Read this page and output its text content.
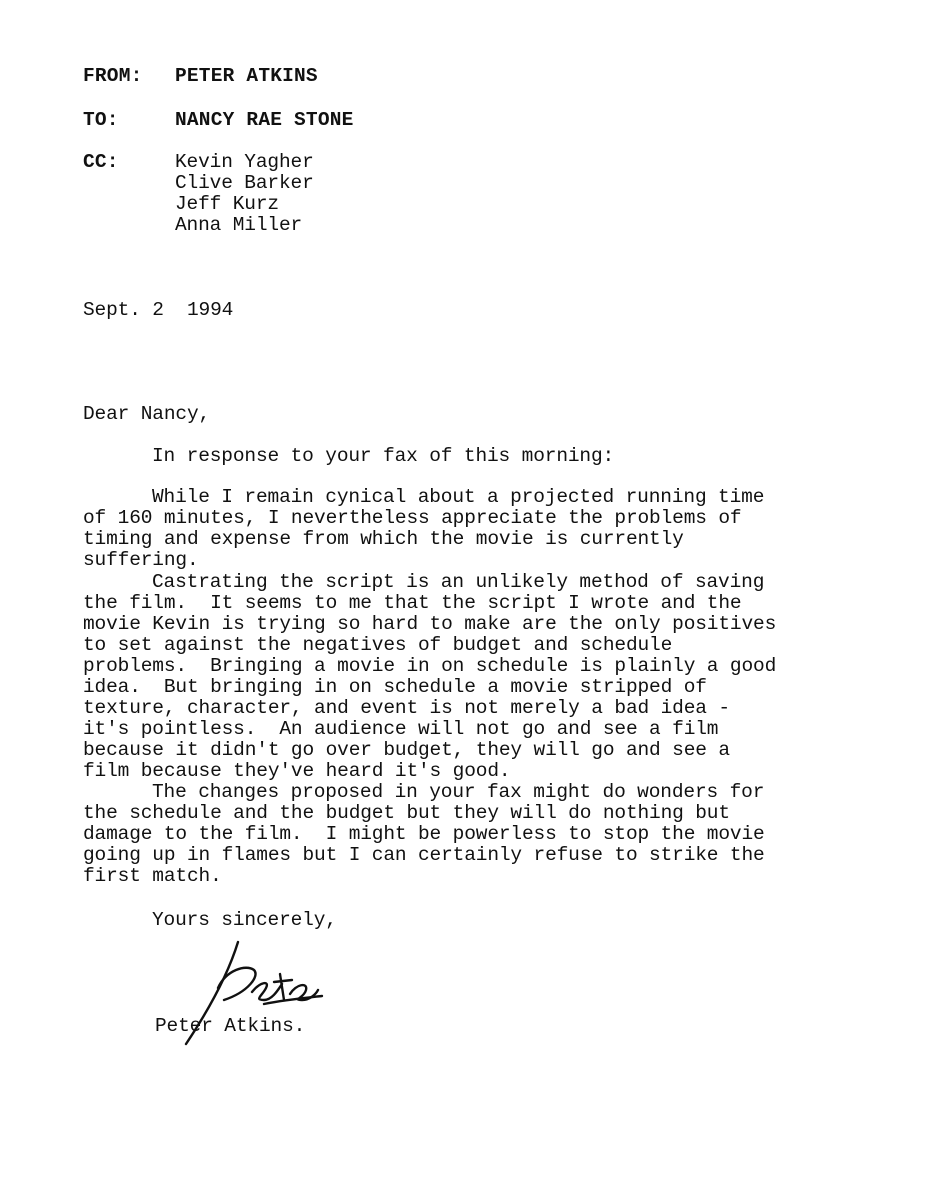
FROM: PETER ATKINS
TO:	NANCY RAE STONE
CC:	Kevin Yagher
Clive Barker
Jeff Kurz
Anna Miller
Sept. 2  1994
Dear Nancy,
In response to your fax of this morning:
While I remain cynical about a projected running time
of 160 minutes, I nevertheless appreciate the problems of
timing and expense from which the movie is currently
suffering.
Castrating the script is an unlikely method of saving
the film.  It seems to me that the script I wrote and the
movie Kevin is trying so hard to make are the only positives
to set against the negatives of budget and schedule
problems.  Bringing a movie in on schedule is plainly a good
idea.  But bringing in on schedule a movie stripped of
texture, character, and event is not merely a bad idea -
it's pointless.  An audience will not go and see a film
because it didn't go over budget, they will go and see a
film because they've heard it's good.
The changes proposed in your fax might do wonders for
the schedule and the budget but they will do nothing but
damage to the film.  I might be powerless to stop the movie
going up in flames but I can certainly refuse to strike the
first match.
Yours sincerely,
Peter Atkins.
